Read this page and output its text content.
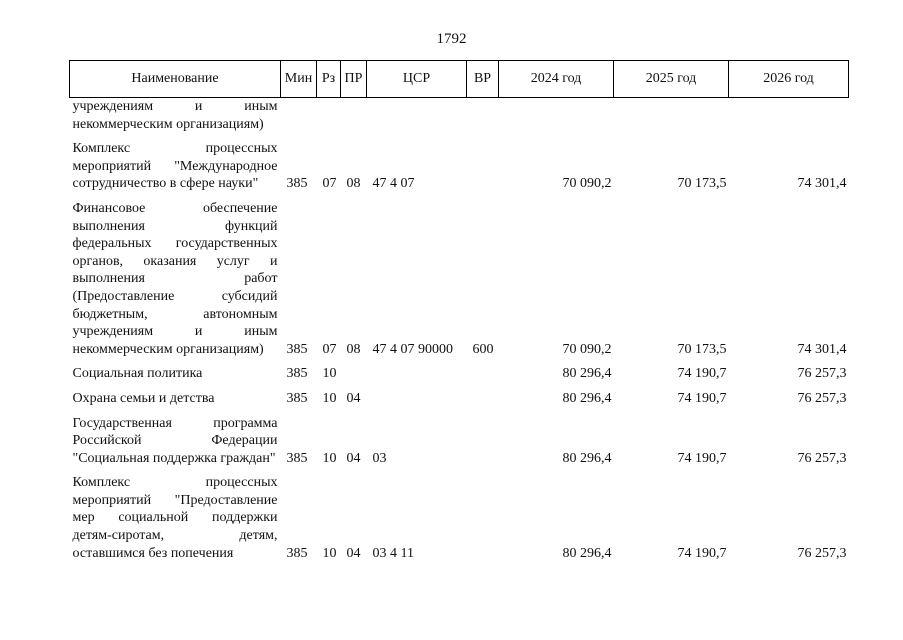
1792
Наименование	Мин	Рз	ПР	ЦСР	ВР	2024 год	2025 год	2026 год
учреждениям и иным некоммерческим организациям)								
Комплекс процессных мероприятий "Международное сотрудничество в сфере науки"	385	07	08	47 4 07		70 090,2	70 173,5	74 301,4
Финансовое обеспечение выполнения функций федеральных государственных органов, оказания услуг и выполнения работ (Предоставление субсидий бюджетным, автономным учреждениям и иным некоммерческим организациям)	385	07	08	47 4 07 90000	600	70 090,2	70 173,5	74 301,4
Социальная политика	385	10				80 296,4	74 190,7	76 257,3
Охрана семьи и детства	385	10	04			80 296,4	74 190,7	76 257,3
Государственная программа Российской Федерации "Социальная поддержка граждан"	385	10	04	03		80 296,4	74 190,7	76 257,3
Комплекс процессных мероприятий "Предоставление мер социальной поддержки детям-сиротам, детям, оставшимся без попечения	385	10	04	03 4 11		80 296,4	74 190,7	76 257,3
